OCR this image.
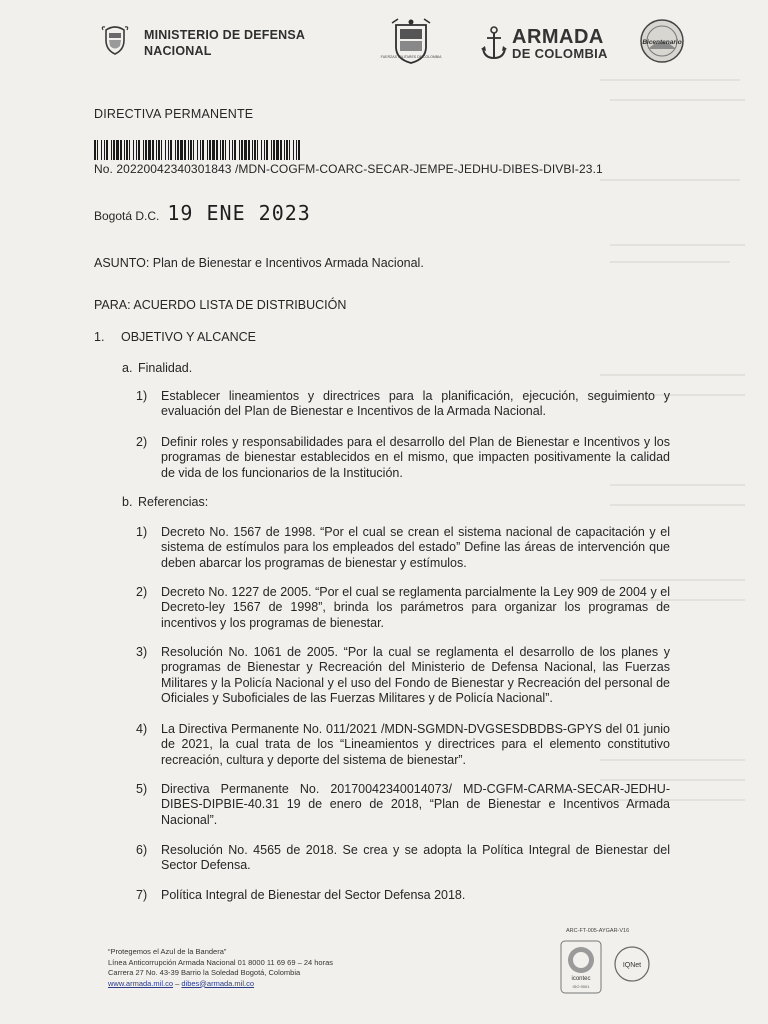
MINISTERIO DE DEFENSA
NACIONAL	FUERZAS MILITARES DE COLOMBIA
ARMADA
DE COLOMBIA
Bicentenario
DIRECTIVA PERMANENTE
No. 20220042340301843 /MDN-COGFM-COARC-SECAR-JEMPE-JEDHU-DIBES-DIVBI-23.1
Bogotá D.C. 19 ENE 2023
ASUNTO: Plan de Bienestar e Incentivos Armada Nacional.
PARA: ACUERDO LISTA DE DISTRIBUCIÓN
1. OBJETIVO Y ALCANCE
a. Finalidad.
1)	Establecer lineamientos y directrices para la planificación, ejecución, seguimiento y evaluación del Plan de Bienestar e Incentivos de la Armada Nacional.
2)	Definir roles y responsabilidades para el desarrollo del Plan de Bienestar e Incentivos y los programas de bienestar establecidos en el mismo, que impacten positivamente la calidad de vida de los funcionarios de la Institución.
b. Referencias:
1)	Decreto No. 1567 de 1998. “Por el cual se crean el sistema nacional de capacitación y el sistema de estímulos para los empleados del estado” Define las áreas de intervención que deben abarcar los programas de bienestar y estímulos.
2)	Decreto No. 1227 de 2005. “Por el cual se reglamenta parcialmente la Ley 909 de 2004 y el Decreto-ley 1567 de 1998”, brinda los parámetros para organizar los programas de incentivos y los programas de bienestar.
3)	Resolución No. 1061 de 2005. “Por la cual se reglamenta el desarrollo de los planes y programas de Bienestar y Recreación del Ministerio de Defensa Nacional, las Fuerzas Militares y la Policía Nacional y el uso del Fondo de Bienestar y Recreación del personal de Oficiales y Suboficiales de las Fuerzas Militares y de Policía Nacional”.
4)	La Directiva Permanente No. 011/2021 /MDN-SGMDN-DVGSESDBDBS-GPYS del 01 junio de 2021, la cual trata de los “Lineamientos y directrices para el elemento constitutivo recreación, cultura y deporte del sistema de bienestar”.
5)	Directiva Permanente No. 20170042340014073/ MD-CGFM-CARMA-SECAR-JEDHU-DIBES-DIPBIE-40.31 19 de enero de 2018, “Plan de Bienestar e Incentivos Armada Nacional”.
6)	Resolución No. 4565 de 2018. Se crea y se adopta la Política Integral de Bienestar del Sector Defensa.
7)	Política Integral de Bienestar del Sector Defensa 2018.
“Protegemos el Azul de la Bandera”
Línea Anticorrupción Armada Nacional 01 8000 11 69 69 – 24 horas
Carrera 27 No. 43-39 Barrio la Soledad Bogotá, Colombia
www.armada.mil.co – dibes@armada.mil.co
ARC-FT-005-AYGAR-V16
icontec
ISO 9001
IQNet
